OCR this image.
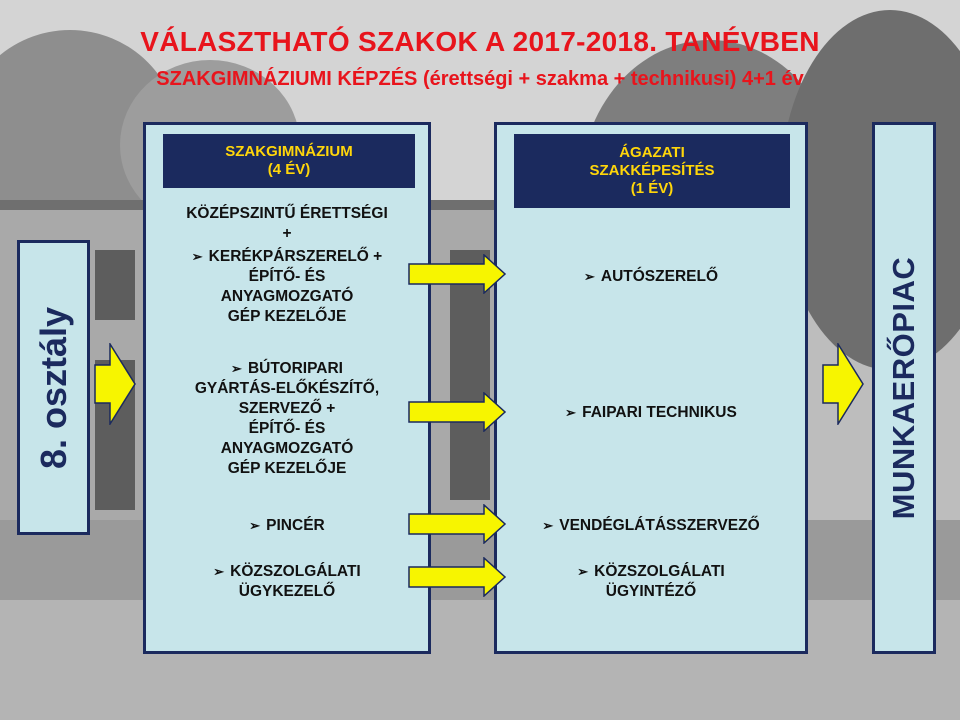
VÁLASZTHATÓ SZAKOK A 2017-2018. TANÉVBEN
SZAKGIMNÁZIUMI KÉPZÉS (érettségi + szakma + technikusi) 4+1 év
8. osztály
SZAKGIMNÁZIUM
(4 ÉV)
KÖZÉPSZINTŰ ÉRETTSÉGI
+
➢ KERÉKPÁRSZERELŐ +
ÉPÍTŐ- ÉS
ANYAGMOZGATÓ
GÉP KEZELŐJE
➢ BÚTORIPARI
GYÁRTÁS-ELŐKÉSZÍTŐ,
SZERVEZŐ +
ÉPÍTŐ- ÉS
ANYAGMOZGATÓ
GÉP KEZELŐJE
➢ PINCÉR
➢ KÖZSZOLGÁLATI
ÜGYKEZELŐ
ÁGAZATI
SZAKKÉPESÍTÉS
(1 ÉV)
➢ AUTÓSZERELŐ
➢ FAIPARI TECHNIKUS
➢ VENDÉGLÁTÁSSZERVEZŐ
➢ KÖZSZOLGÁLATI
ÜGYINTÉZŐ
MUNKAERŐPIAC
